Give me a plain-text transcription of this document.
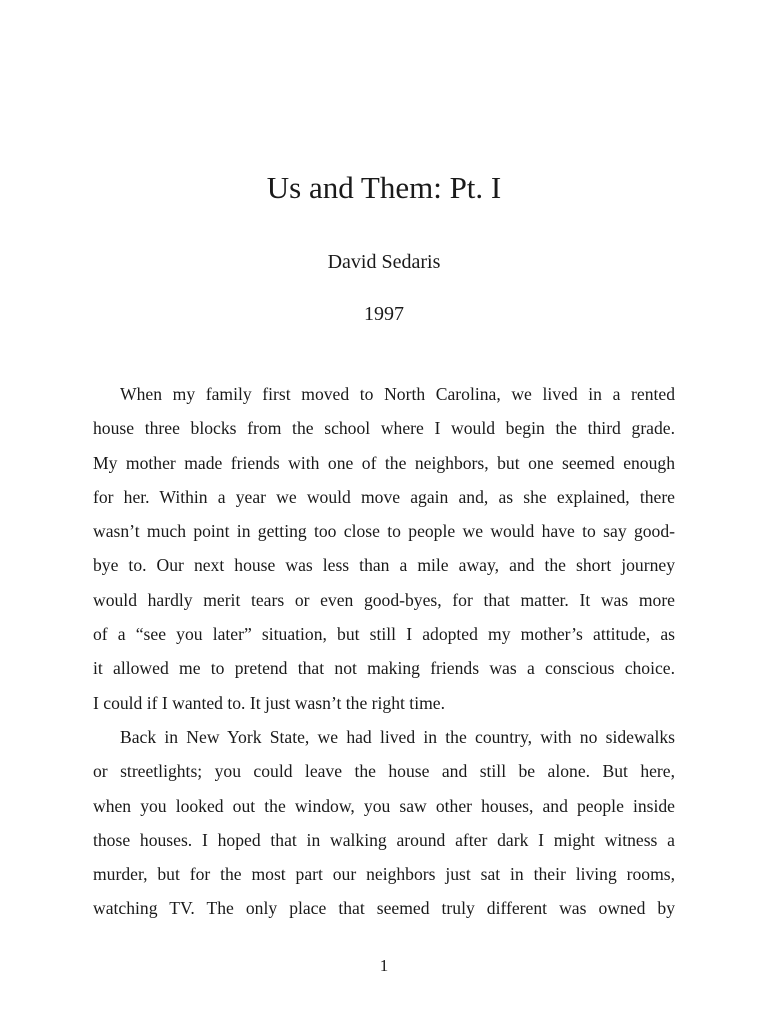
Us and Them: Pt. I
David Sedaris
1997
When my family first moved to North Carolina, we lived in a rented
house three blocks from the school where I would begin the third grade.
My mother made friends with one of the neighbors, but one seemed enough
for her. Within a year we would move again and, as she explained, there
wasn’t much point in getting too close to people we would have to say good-
bye to. Our next house was less than a mile away, and the short journey
would hardly merit tears or even good-byes, for that matter. It was more
of a “see you later” situation, but still I adopted my mother’s attitude, as
it allowed me to pretend that not making friends was a conscious choice.
I could if I wanted to. It just wasn’t the right time.
Back in New York State, we had lived in the country, with no sidewalks
or streetlights; you could leave the house and still be alone. But here,
when you looked out the window, you saw other houses, and people inside
those houses. I hoped that in walking around after dark I might witness a
murder, but for the most part our neighbors just sat in their living rooms,
watching TV. The only place that seemed truly different was owned by
1
